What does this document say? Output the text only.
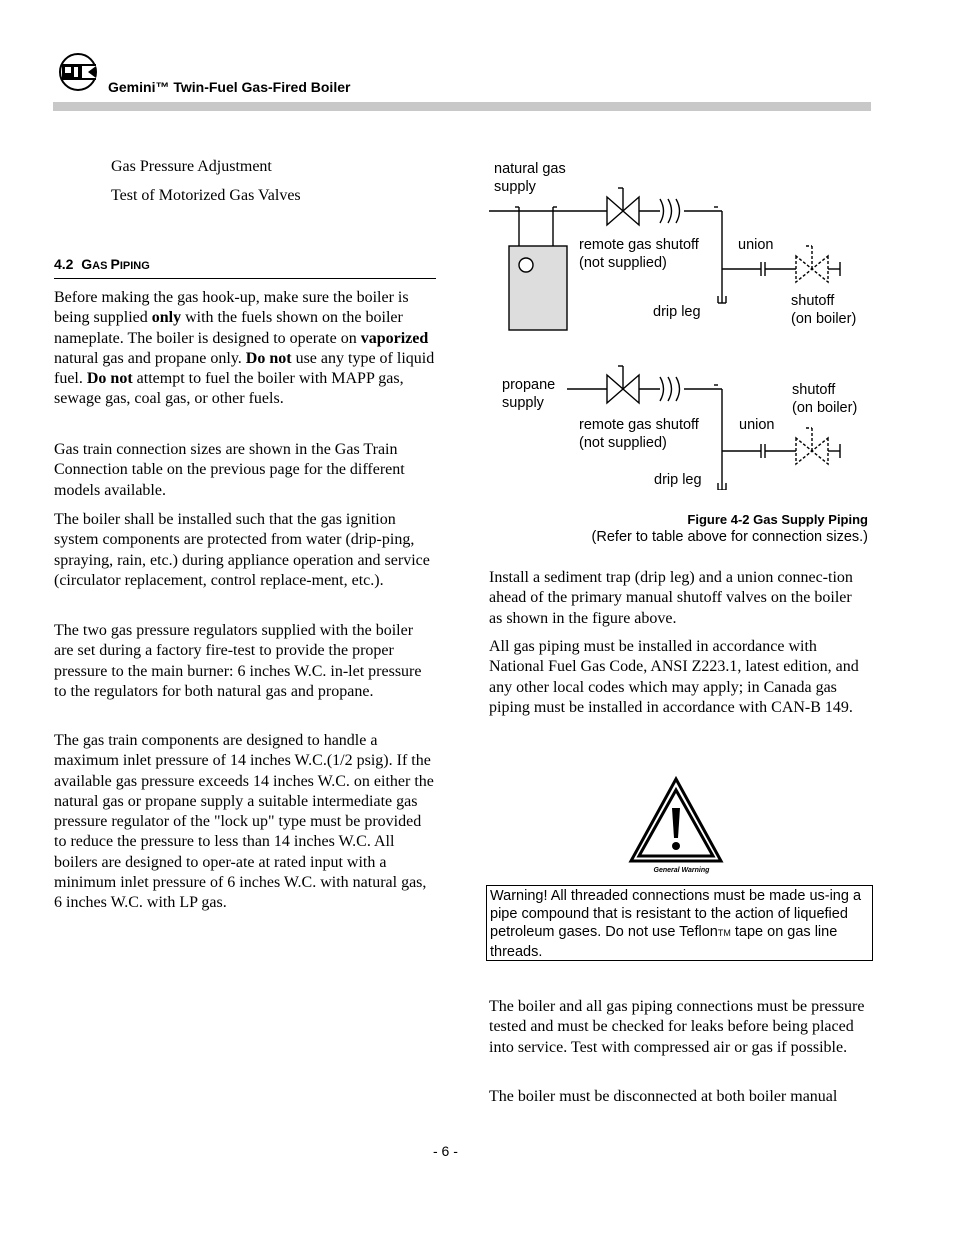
Gemini™ Twin-Fuel Gas-Fired Boiler
Gas Pressure Adjustment
Test of Motorized Gas Valves
4.2 GAS PIPING

Before making the gas hook-up, make sure the boiler is being supplied only with the fuels shown on the boiler nameplate. The boiler is designed to operate on vaporized natural gas and propane only. Do not use any type of liquid fuel. Do not attempt to fuel the boiler with MAPP gas, sewage gas, coal gas, or other fuels.

Gas train connection sizes are shown in the Gas Train Connection table on the previous page for the different models available.

The boiler shall be installed such that the gas ignition system components are protected from water (drip-ping, spraying, rain, etc.) during appliance operation and service (circulator replacement, control replace-ment, etc.).

The two gas pressure regulators supplied with the boiler are set during a factory fire-test to provide the proper pressure to the main burner: 6 inches W.C. in-let pressure to the regulators for both natural gas and propane.

The gas train components are designed to handle a maximum inlet pressure of 14 inches W.C.(1/2 psig). If the available gas pressure exceeds 14 inches W.C. on either the natural gas or propane supply a suitable intermediate gas pressure regulator of the "lock up" type must be provided to reduce the pressure to less than 14 inches W.C. All boilers are designed to oper-ate at rated input with a minimum inlet pressure of 6 inches W.C. with natural gas, 6 inches W.C. with LP gas.

natural gas
supply
remote gas shutoff
(not supplied)
union
drip leg
shutoff
(on boiler)
propane
supply
remote gas shutoff
(not supplied)
union
drip leg
shutoff
(on boiler)
Figure 4-2 Gas Supply Piping
(Refer to table above for connection sizes.)

Install a sediment trap (drip leg) and a union connec-tion ahead of the primary manual shutoff valves on the boiler as shown in the figure above.

All gas piping must be installed in accordance with National Fuel Gas Code, ANSI Z223.1, latest edition, and any other local codes which may apply; in Canada gas piping must be installed in accordance with CAN-B 149.

General Warning
Warning! All threaded connections must be made us-ing a pipe compound that is resistant to the action of liquefied petroleum gases. Do not use TeflonTM tape on gas line threads.

The boiler and all gas piping connections must be pressure tested and must be checked for leaks before being placed into service. Test with compressed air or gas if possible.

The boiler must be disconnected at both boiler manual

- 6 -
